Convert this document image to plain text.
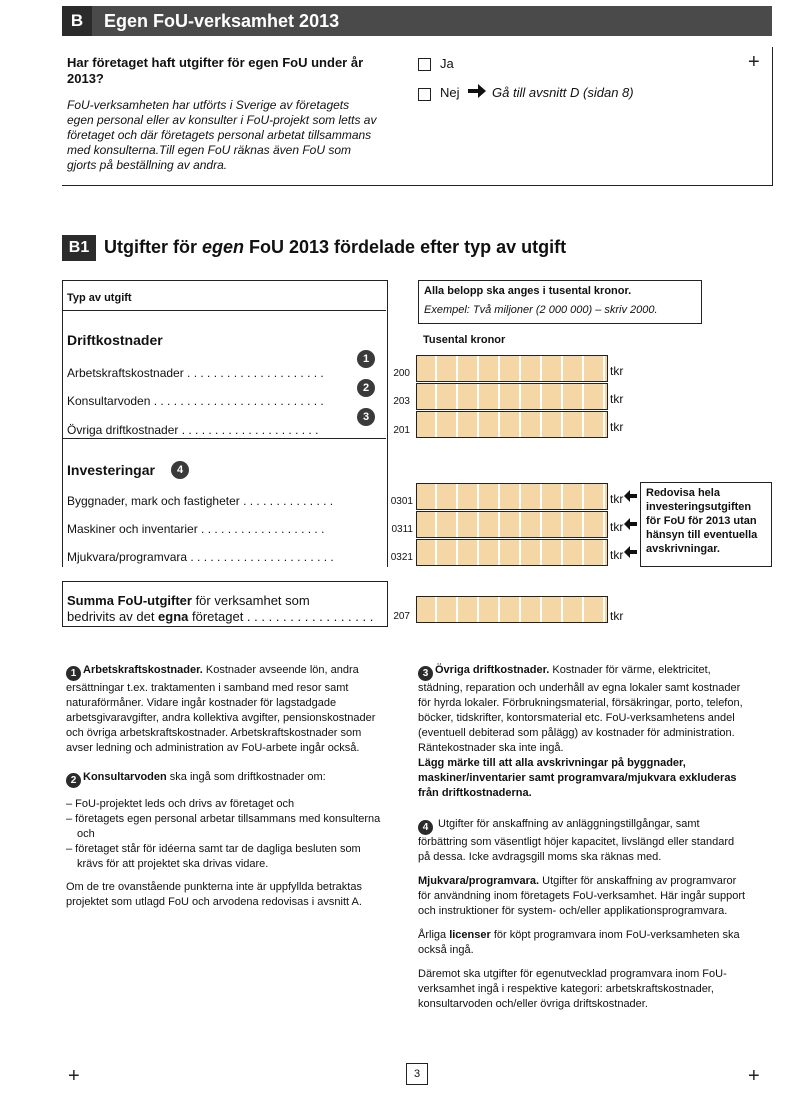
B	Egen FoU-verksamhet 2013
Har företaget haft utgifter för egen FoU under år 2013?
FoU-verksamheten har utförts i Sverige av företagets egen personal eller av konsulter i FoU-projekt som letts av företaget och där företagets personal arbetat tillsammans med konsulterna.Till egen FoU räknas även FoU som gjorts på beställning av andra.
Ja
Nej Gå till avsnitt D (sidan 8)
+
B1 Utgifter för egen FoU 2013 fördelade efter typ av utgift
Typ av utgift
Alla belopp ska anges i tusental kronor.
Exempel: Två miljoner (2 000 000) – skriv 2000.
Tusental kronor
Driftkostnader
1
Arbetskraftskostnader . . . . . . . . . . . . . . . . . . . . .	200	tkr
2
Konsultarvoden . . . . . . . . . . . . . . . . . . . . . . . . . .	203	tkr
3
Övriga driftkostnader . . . . . . . . . . . . . . . . . . . . .	201	tkr
Investeringar	4
Byggnader, mark och fastigheter . . . . . . . . . . . . . .	0301	tkr
Maskiner och inventarier . . . . . . . . . . . . . . . . . . .	0311	tkr
Mjukvara/programvara . . . . . . . . . . . . . . . . . . . . . .	0321	tkr
Redovisa hela investeringsutgiften för FoU för 2013 utan hänsyn till eventuella avskrivningar.
Summa FoU-utgifter för verksamhet som
bedrivits av det egna företaget . . . . . . . . . . . . . . . . . .	207	tkr

1 Arbetskraftskostnader. Kostnader avseende lön, andra ersättningar t.ex. traktamenten i samband med resor samt naturaförmåner. Vidare ingår kostnader för lagstadgade arbetsgivaravgifter, andra kollektiva avgifter, pensionskostnader och övriga arbetskraftskostnader. Arbetskraftskostnader som avser ledning och administration av FoU-arbete ingår också.

2 Konsultarvoden ska ingå som driftkostnader om:

– FoU-projektet leds och drivs av företaget och
– företagets egen personal arbetar tillsammans med konsulterna och
– företaget står för idéerna samt tar de dagliga besluten som krävs för att projektet ska drivas vidare.

Om de tre ovanstående punkterna inte är uppfyllda betraktas projektet som utlagd FoU och arvodena redovisas i avsnitt A.

3 Övriga driftkostnader. Kostnader för värme, elektricitet, städning, reparation och underhåll av egna lokaler samt kostnader för hyrda lokaler. Förbrukningsmaterial, försäkringar, porto, telefon, böcker, tidskrifter, kontorsmaterial etc. FoU-verksamhetens andel (eventuell debiterad som pålägg) av kostnader för administration. Räntekostnader ska inte ingå.
Lägg märke till att alla avskrivningar på byggnader, maskiner/inventarier samt programvara/mjukvara exkluderas från driftkostnaderna.

4 Utgifter för anskaffning av anläggningstillgångar, samt förbättring som väsentligt höjer kapacitet, livslängd eller standard på dessa. Icke avdragsgill moms ska räknas med.

Mjukvara/programvara. Utgifter för anskaffning av programvaror för användning inom företagets FoU-verksamhet. Här ingår support och instruktioner för system- och/eller applikationsprogramvara.

Årliga licenser för köpt programvara inom FoU-verksamheten ska också ingå.

Däremot ska utgifter för egenutvecklad programvara inom FoU-verksamhet ingå i respektive kategori: arbetskraftskostnader, konsultarvoden och/eller övriga driftskostnader.

+	3	+
